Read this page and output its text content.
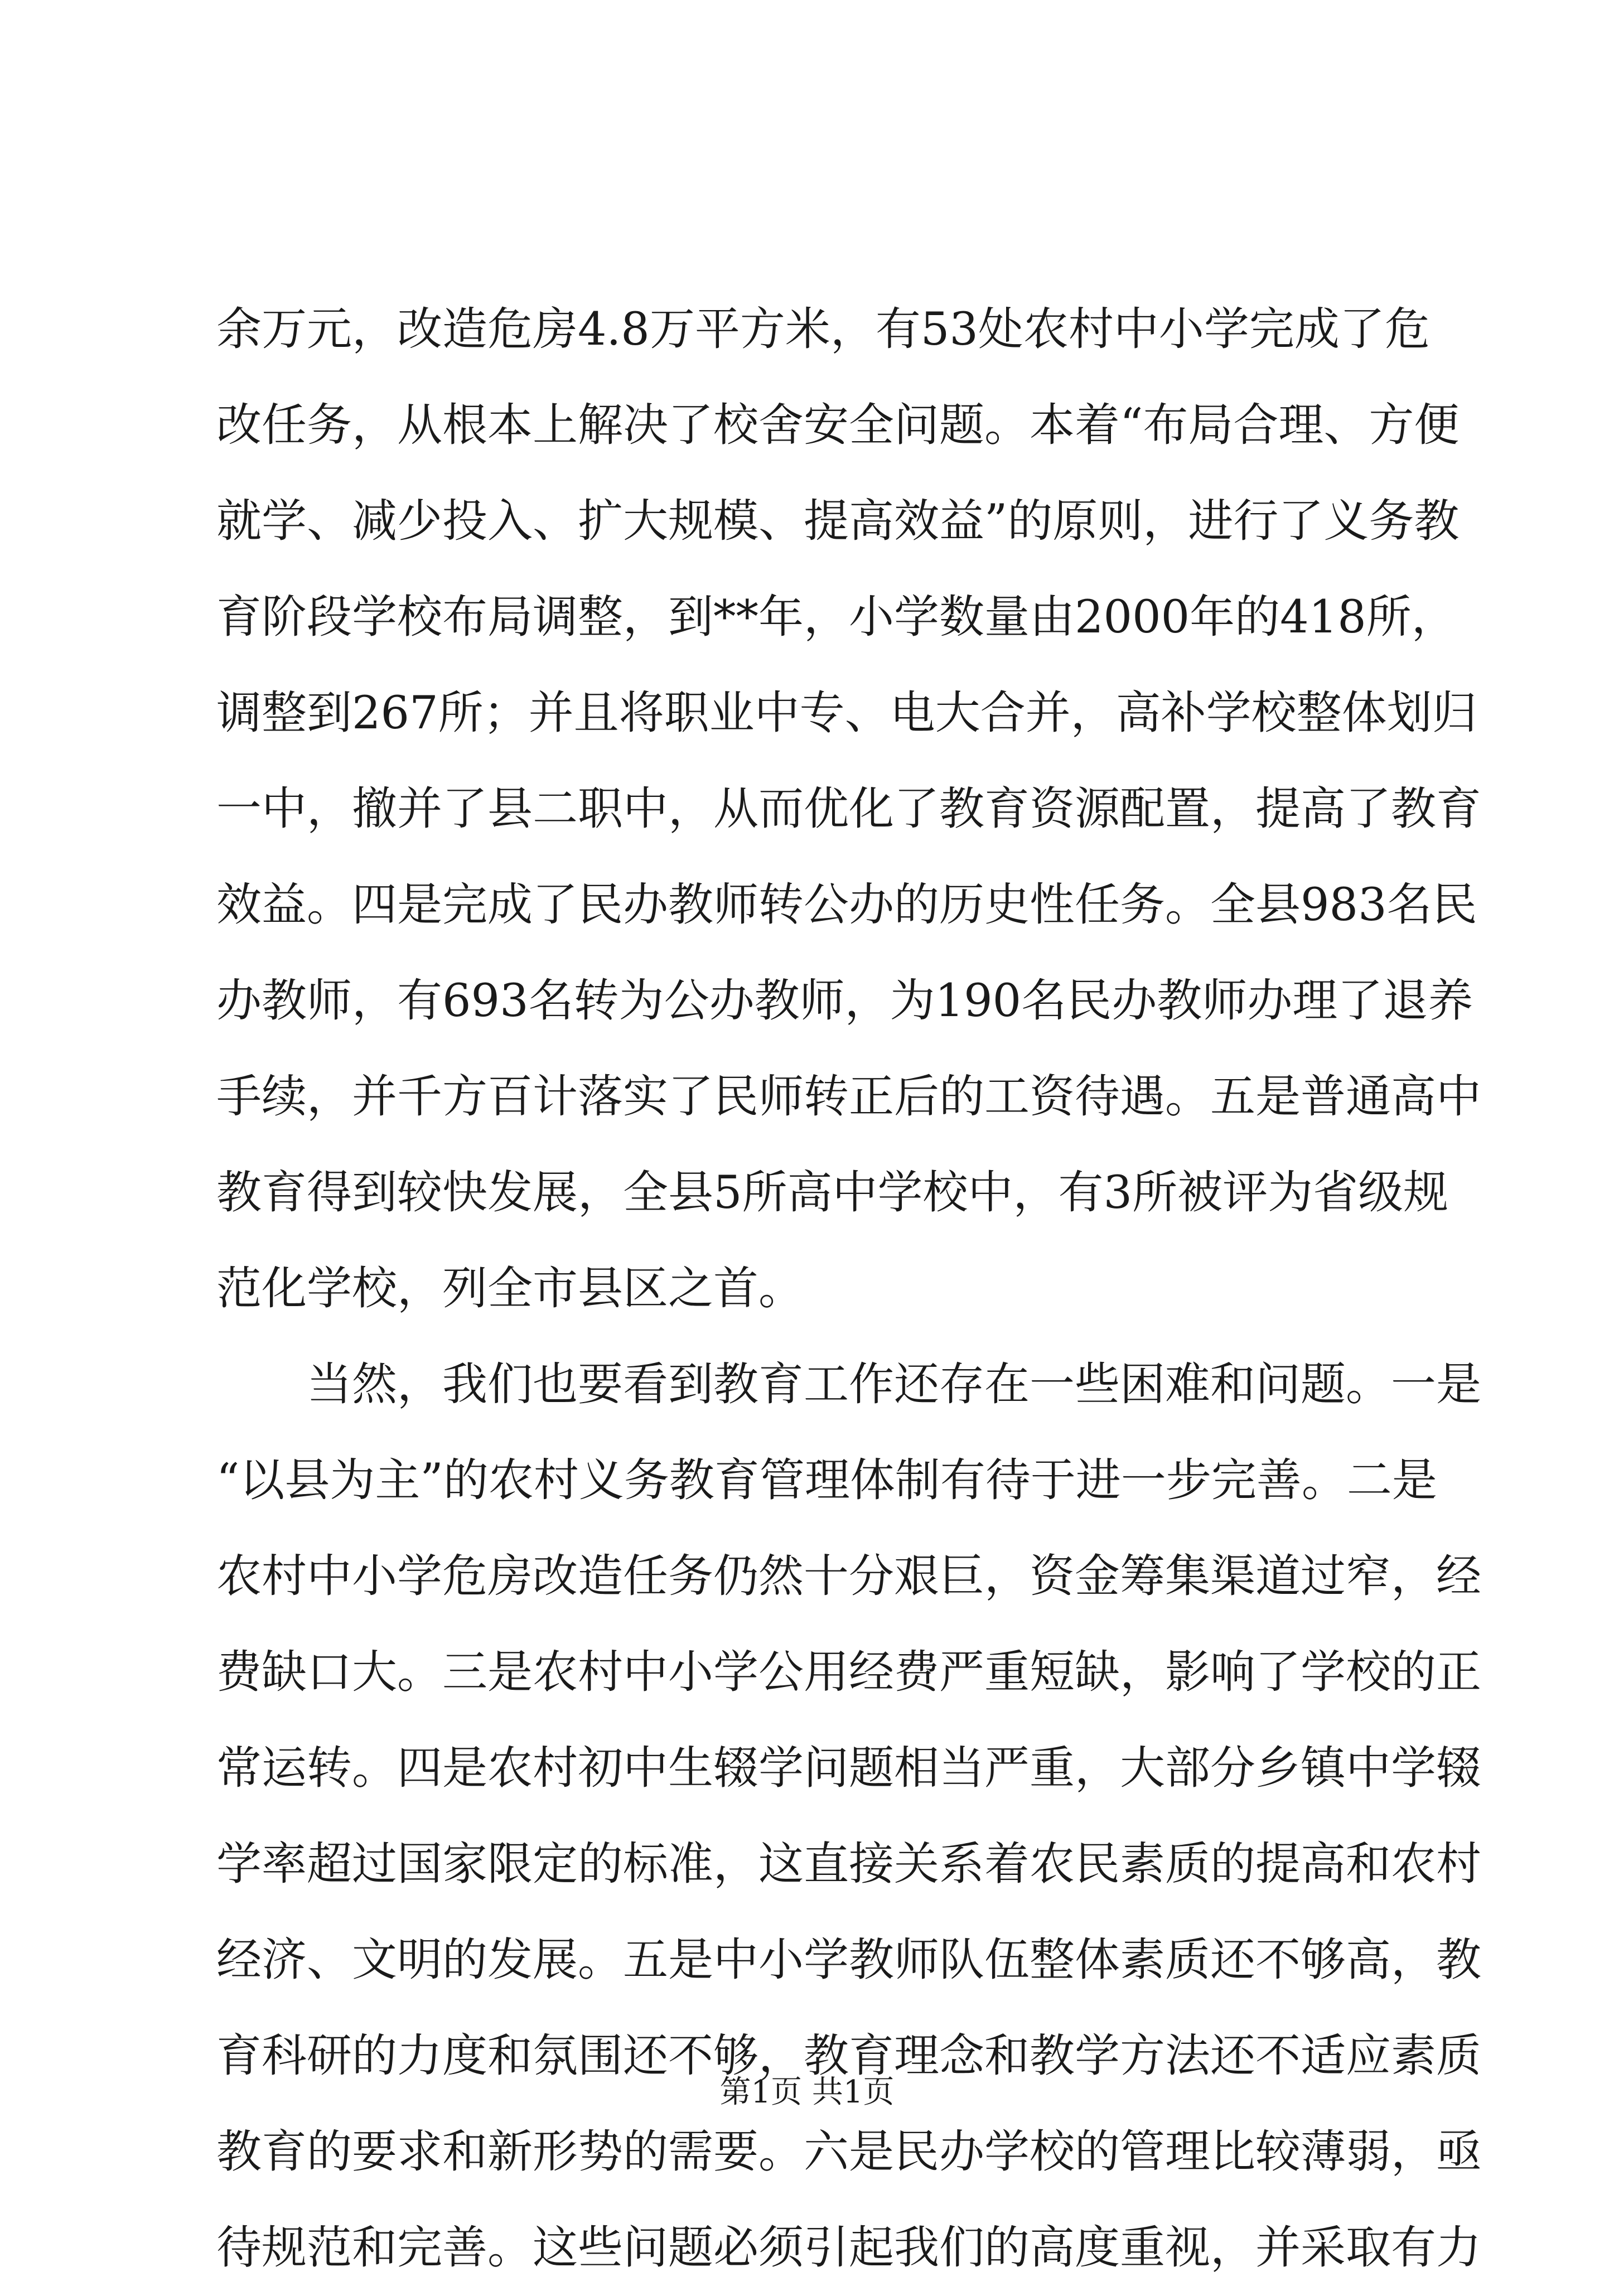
余万元，改造危房4.8万平方米，有53处农村中小学完成了危
改任务，从根本上解决了校舍安全问题。本着“布局合理、方便
就学、减少投入、扩大规模、提高效益”的原则，进行了义务教
育阶段学校布局调整，到**年，小学数量由2000年的418所，
调整到267所；并且将职业中专、电大合并，高补学校整体划归
一中，撤并了县二职中，从而优化了教育资源配置，提高了教育
效益。四是完成了民办教师转公办的历史性任务。全县983名民
办教师，有693名转为公办教师，为190名民办教师办理了退养
手续，并千方百计落实了民师转正后的工资待遇。五是普通高中
教育得到较快发展，全县5所高中学校中，有3所被评为省级规
范化学校，列全市县区之首。
当然，我们也要看到教育工作还存在一些困难和问题。一是
“以县为主”的农村义务教育管理体制有待于进一步完善。二是
农村中小学危房改造任务仍然十分艰巨，资金筹集渠道过窄，经
费缺口大。三是农村中小学公用经费严重短缺，影响了学校的正
常运转。四是农村初中生辍学问题相当严重，大部分乡镇中学辍
学率超过国家限定的标准，这直接关系着农民素质的提高和农村
经济、文明的发展。五是中小学教师队伍整体素质还不够高，教
育科研的力度和氛围还不够，教育理念和教学方法还不适应素质
教育的要求和新形势的需要。六是民办学校的管理比较薄弱，亟
待规范和完善。这些问题必须引起我们的高度重视，并采取有力
第1页 共1页
